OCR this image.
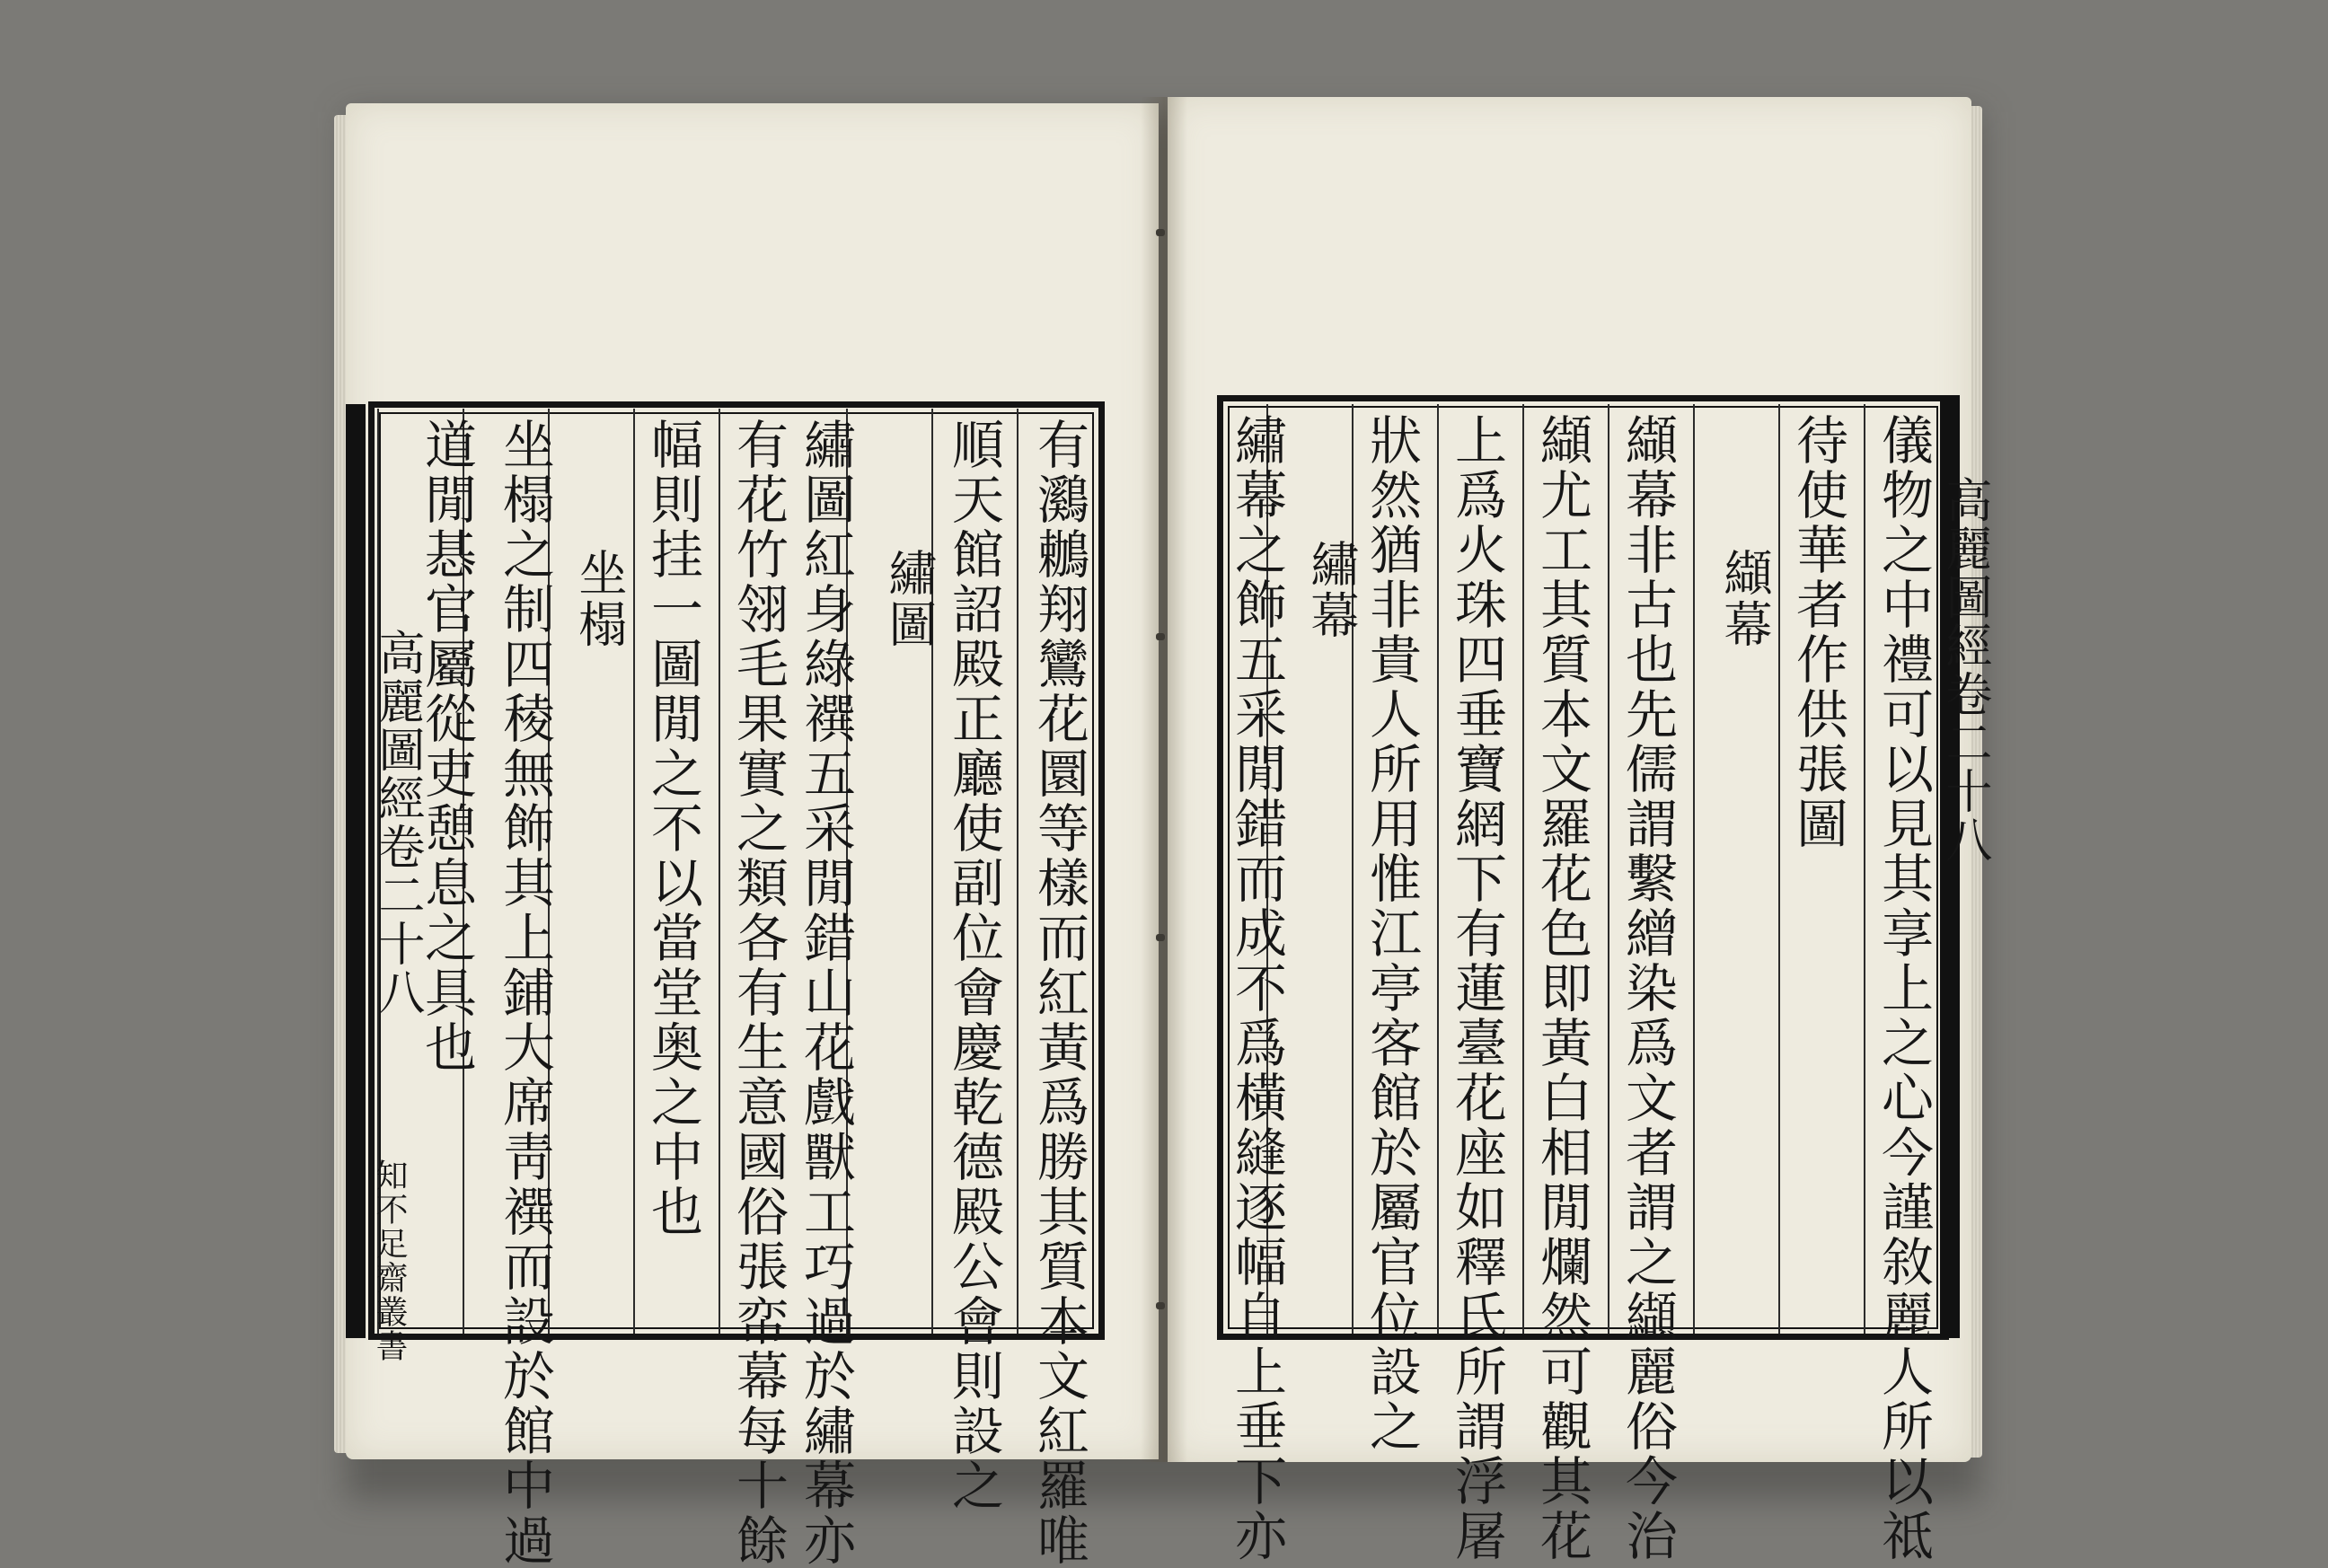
有鸂鶒翔鸞花圜等樣而紅黃爲勝其質本文紅羅唯
順天館詔殿正廳使副位會慶乾德殿公會則設之
繡圖
繡圖紅身綠襈五采閒錯山花戲獸工巧過於繡幕亦
有花竹翎毛果實之類各有生意國俗張帟幕每十餘
幅則挂一圖閒之不以當堂奥之中也
坐榻
坐榻之制四稜無飾其上鋪大席靑襈而設於館中過
道閒惎官屬從吏憩息之具也
高麗圖經卷二十八
知不足齋叢書	儀物之中禮可以見其享上之心今謹敘麗人所以祗
待使華者作供張圖
纈幕
纈幕非古也先儒謂繫繒染爲文者謂之纈麗俗今治
纈尤工其質本文羅花色即黃白相閒爛然可觀其花
上爲火珠四垂寶網下有蓮臺花座如釋氏所謂浮屠
狀然猶非貴人所用惟江亭客館於屬官位設之
繡幕
繡幕之飾五采閒錯而成不爲橫縫逐幅自上垂下亦	高麗圖經卷二十八
